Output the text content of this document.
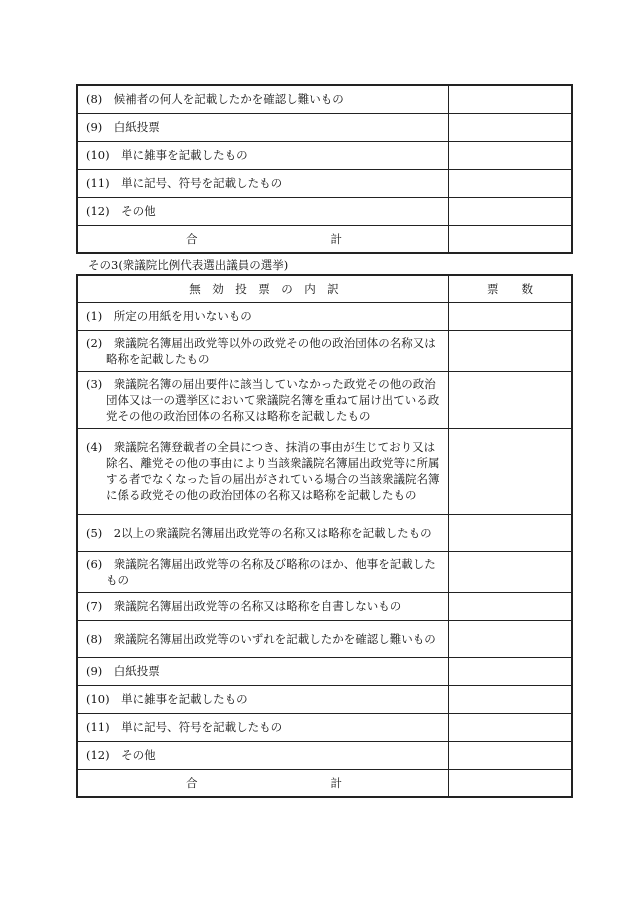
(8)　候補者の何人を記載したかを確認し難いもの	

(9)　白紙投票	

(10)　単に雑事を記載したもの	

(11)　単に記号、符号を記載したもの	

(12)　その他	

合 計	

その3(衆議院比例代表選出議員の選挙)
無　効　投　票　の　内　訳	票　　数

(1)　所定の用紙を用いないもの	

(2)　衆議院名簿届出政党等以外の政党その他の政治団体の名称又は略称を記載したもの	

(3)　衆議院名簿の届出要件に該当していなかった政党その他の政治団体又は一の選挙区において衆議院名簿を重ねて届け出ている政党その他の政治団体の名称又は略称を記載したもの	

(4)　衆議院名簿登載者の全員につき、抹消の事由が生じており又は除名、離党その他の事由により当該衆議院名簿届出政党等に所属する者でなくなった旨の届出がされている場合の当該衆議院名簿に係る政党その他の政治団体の名称又は略称を記載したもの	

(5)　2以上の衆議院名簿届出政党等の名称又は略称を記載したもの	

(6)　衆議院名簿届出政党等の名称及び略称のほか、他事を記載したもの	

(7)　衆議院名簿届出政党等の名称又は略称を自書しないもの	

(8)　衆議院名簿届出政党等のいずれを記載したかを確認し難いもの	

(9)　白紙投票	

(10)　単に雑事を記載したもの	

(11)　単に記号、符号を記載したもの	

(12)　その他	

合 計	
